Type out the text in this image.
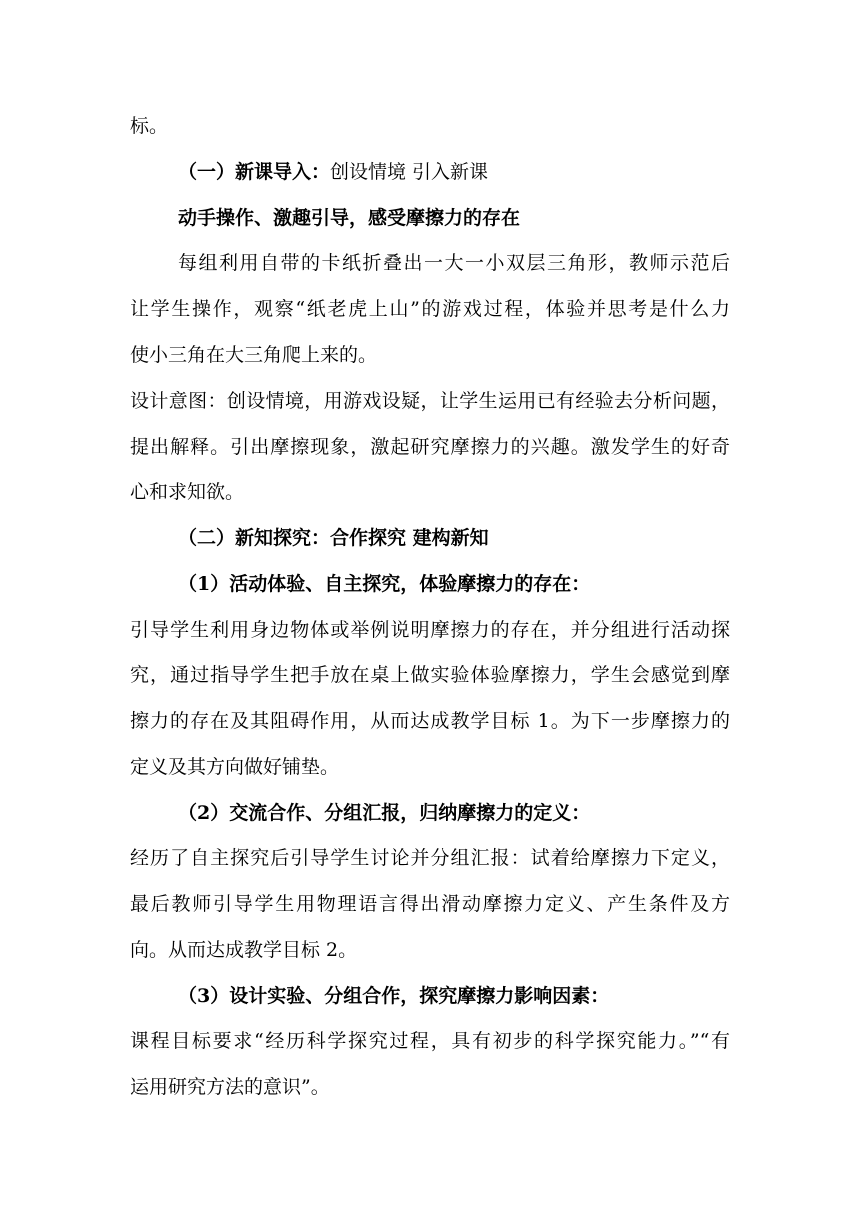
标。
（一）新课导入：创设情境 引入新课
动手操作、激趣引导，感受摩擦力的存在
每组利用自带的卡纸折叠出一大一小双层三角形，教师示范后
让学生操作，观察“纸老虎上山”的游戏过程，体验并思考是什么力
使小三角在大三角爬上来的。
设计意图：创设情境，用游戏设疑，让学生运用已有经验去分析问题，
提出解释。引出摩擦现象，激起研究摩擦力的兴趣。激发学生的好奇
心和求知欲。
（二）新知探究：合作探究 建构新知
（1）活动体验、自主探究，体验摩擦力的存在：
引导学生利用身边物体或举例说明摩擦力的存在，并分组进行活动探
究，通过指导学生把手放在桌上做实验体验摩擦力，学生会感觉到摩
擦力的存在及其阻碍作用，从而达成教学目标 1。为下一步摩擦力的
定义及其方向做好铺垫。
（2）交流合作、分组汇报，归纳摩擦力的定义：
经历了自主探究后引导学生讨论并分组汇报：试着给摩擦力下定义，
最后教师引导学生用物理语言得出滑动摩擦力定义、产生条件及方
向。从而达成教学目标 2。
（3）设计实验、分组合作，探究摩擦力影响因素：
课程目标要求“经历科学探究过程，具有初步的科学探究能力。”“有
运用研究方法的意识”。
